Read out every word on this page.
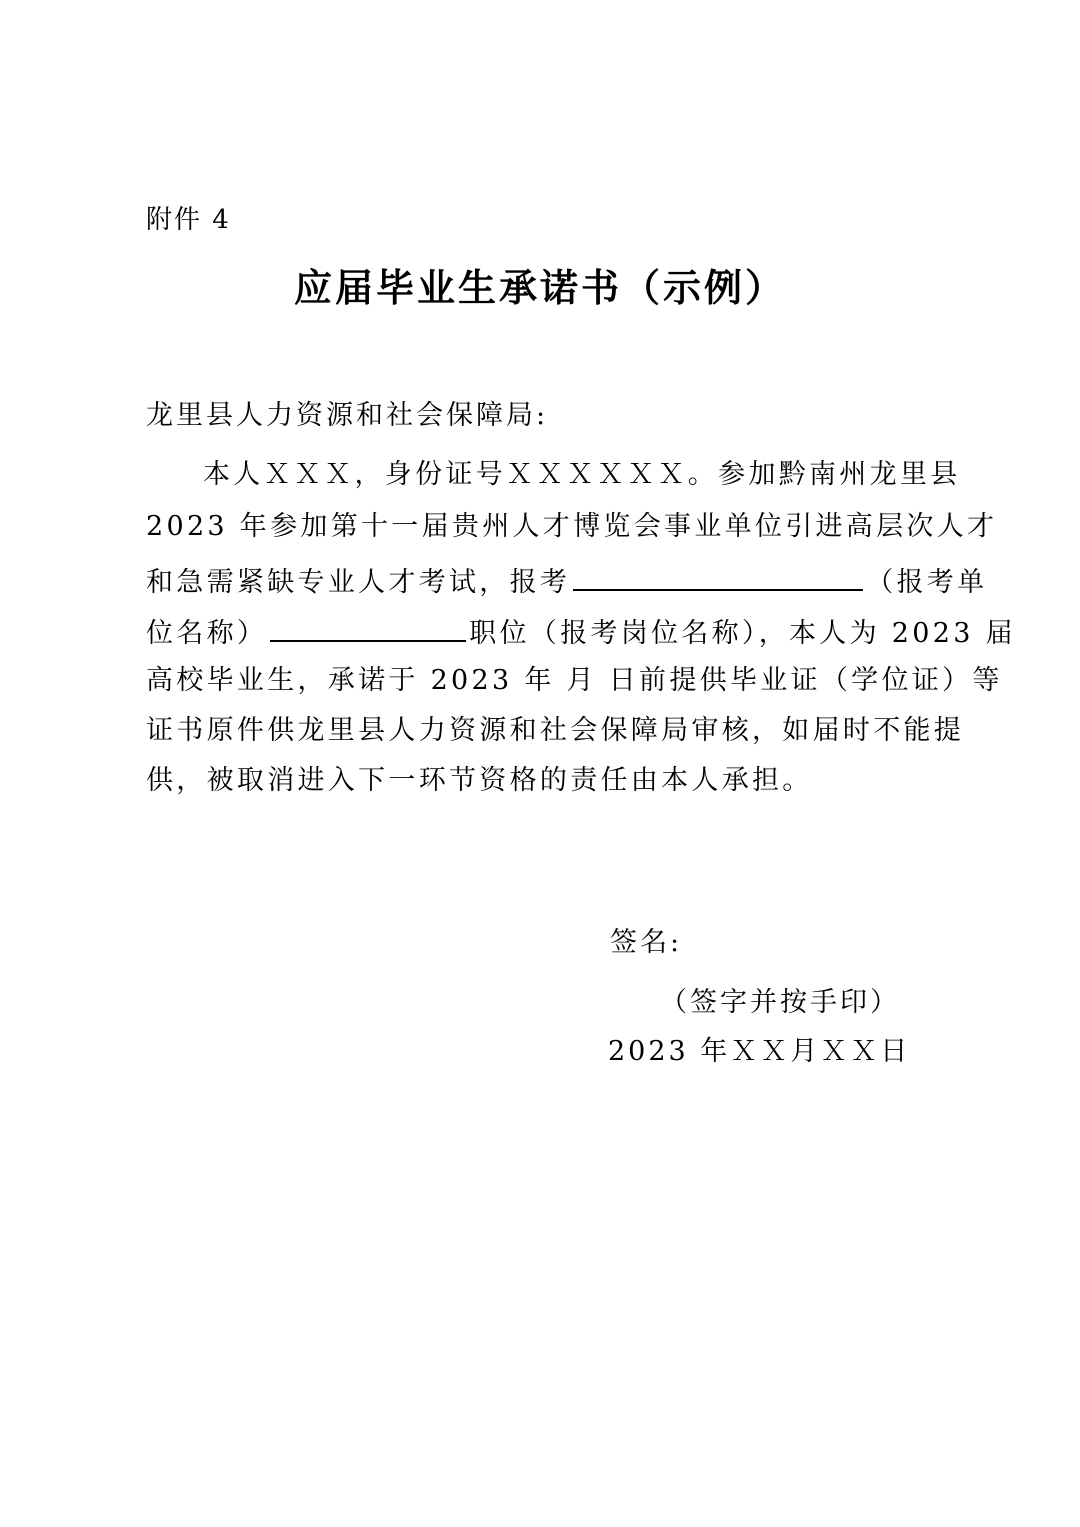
附件 4
应届毕业生承诺书（示例）
龙里县人力资源和社会保障局:
本人ＸＸＸ，身份证号ＸＸＸＸＸＸ。参加黔南州龙里县
2023 年参加第十一届贵州人才博览会事业单位引进高层次人才
和急需紧缺专业人才考试，报考	（报考单
位名称）	职位（报考岗位名称），本人为 2023 届
高校毕业生，承诺于 2023 年 月 日前提供毕业证（学位证）等
证书原件供龙里县人力资源和社会保障局审核，如届时不能提
供，被取消进入下一环节资格的责任由本人承担。
签名:
（签字并按手印）
2023 年ＸＸ月ＸＸ日
